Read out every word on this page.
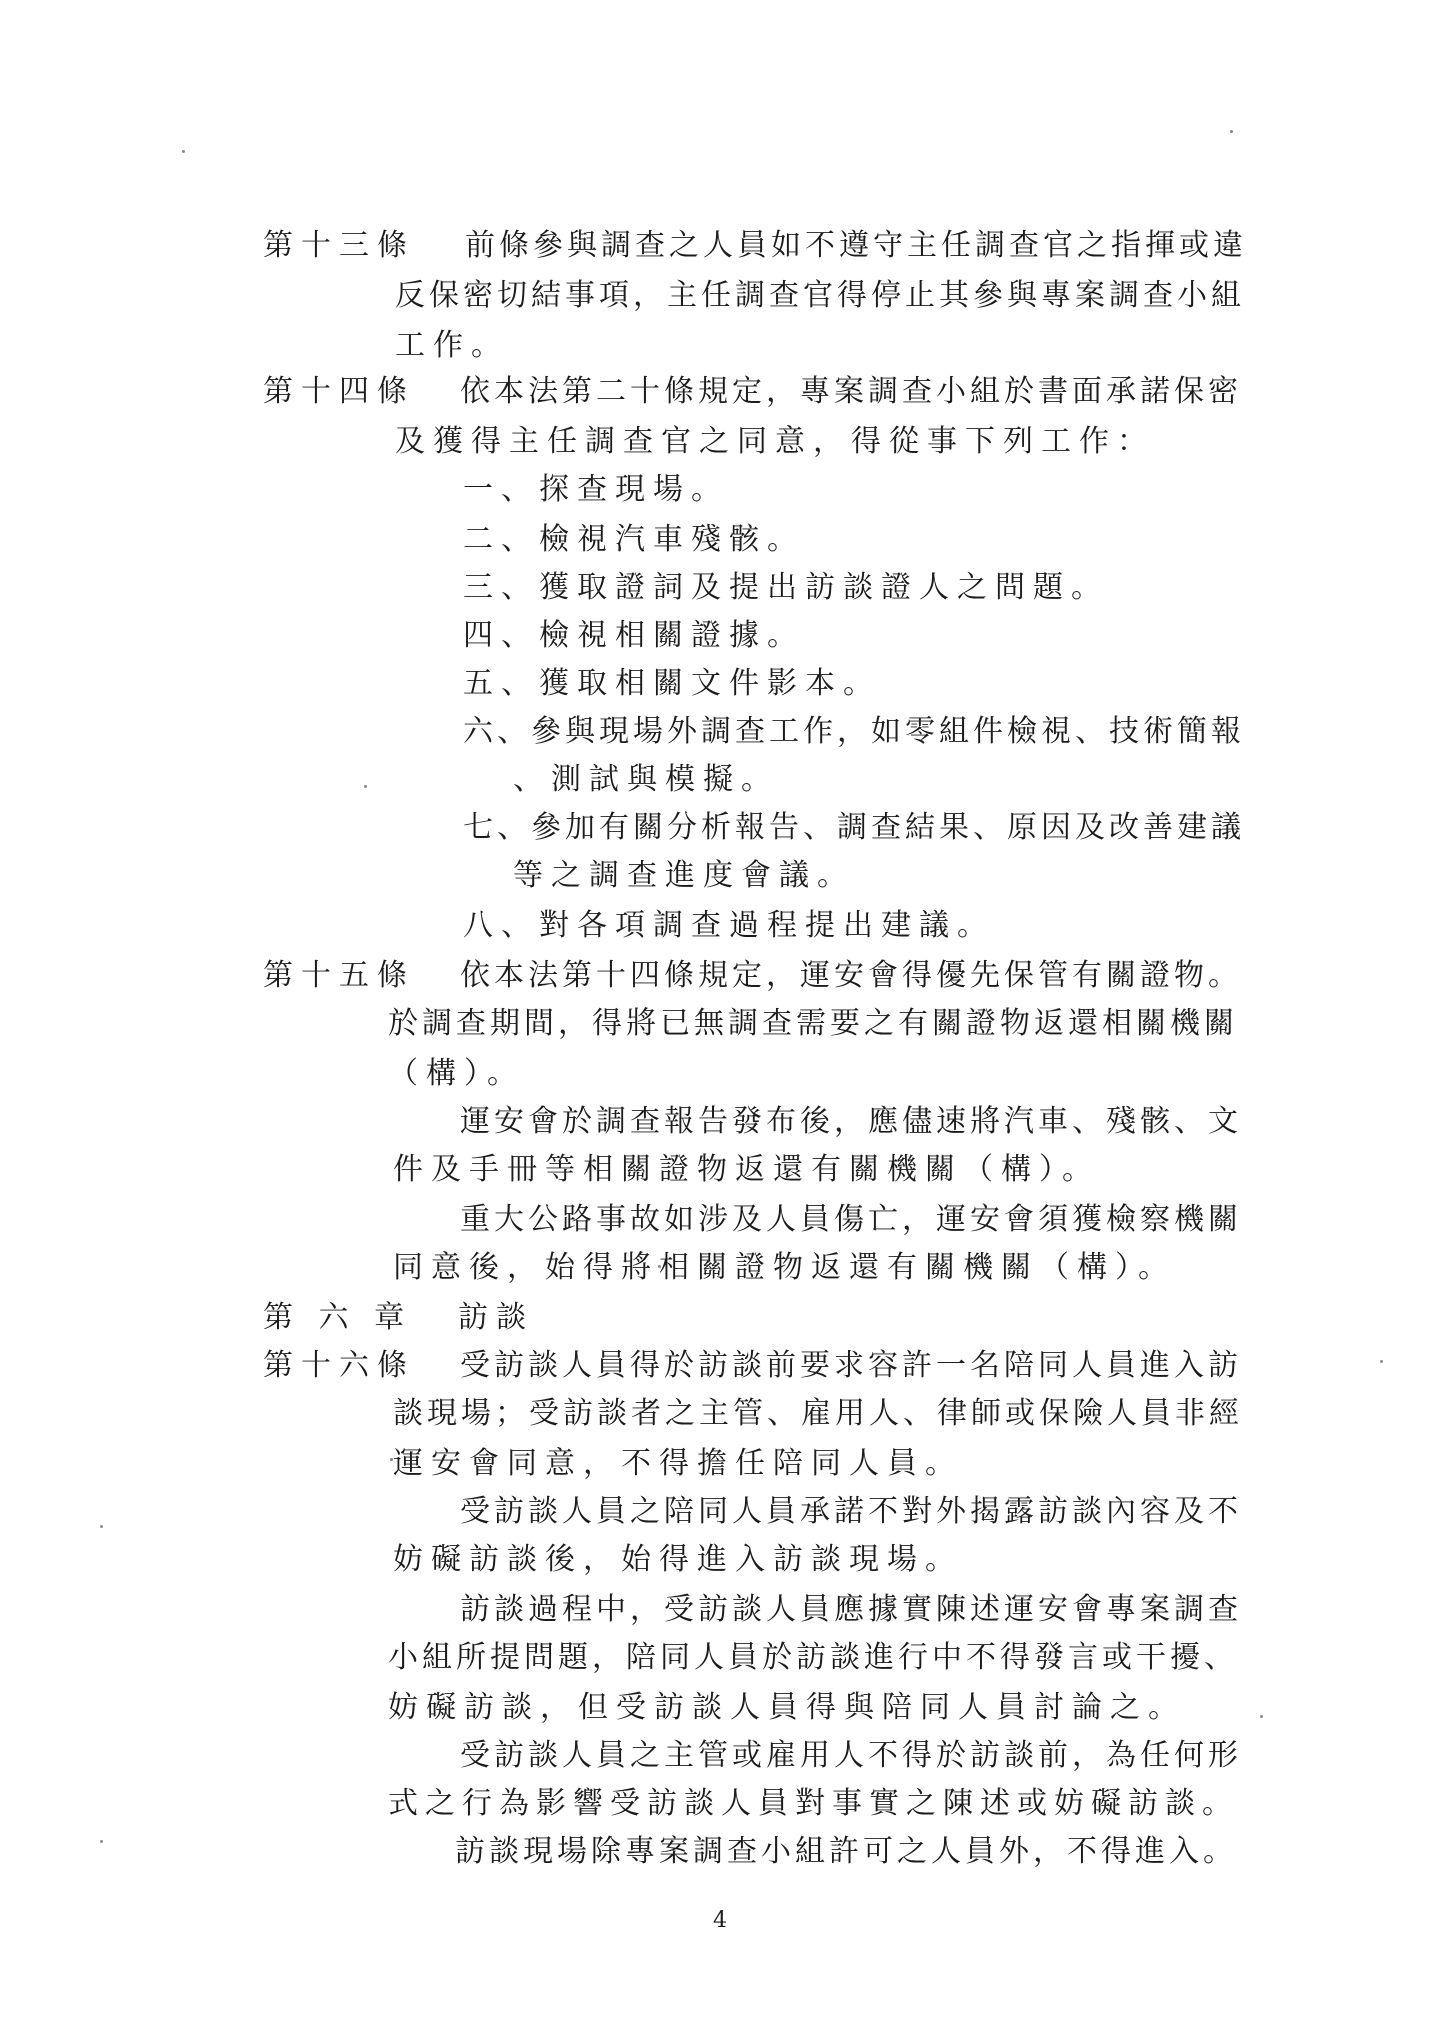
第十三條 前條參與調查之人員如不遵守主任調查官之指揮或違
反保密切結事項，主任調查官得停止其參與專案調查小組
工作。
第十四條 依本法第二十條規定，專案調查小組於書面承諾保密
及獲得主任調查官之同意，得從事下列工作：
一、探查現場。
二、檢視汽車殘骸。
三、獲取證詞及提出訪談證人之問題。
四、檢視相關證據。
五、獲取相關文件影本。
六、參與現場外調查工作，如零組件檢視、技術簡報
、測試與模擬。
七、參加有關分析報告、調查結果、原因及改善建議
等之調查進度會議。
八、對各項調查過程提出建議。
第十五條 依本法第十四條規定，運安會得優先保管有關證物。
於調查期間，得將已無調查需要之有關證物返還相關機關
（構）。
運安會於調查報告發布後，應儘速將汽車、殘骸、文
件及手冊等相關證物返還有關機關（構）。
重大公路事故如涉及人員傷亡，運安會須獲檢察機關
同意後，始得將相關證物返還有關機關（構）。
第 六 章 訪談
第十六條 受訪談人員得於訪談前要求容許一名陪同人員進入訪
談現場；受訪談者之主管、雇用人、律師或保險人員非經
運安會同意，不得擔任陪同人員。
受訪談人員之陪同人員承諾不對外揭露訪談內容及不
妨礙訪談後，始得進入訪談現場。
訪談過程中，受訪談人員應據實陳述運安會專案調查
小組所提問題，陪同人員於訪談進行中不得發言或干擾、
妨礙訪談，但受訪談人員得與陪同人員討論之。
受訪談人員之主管或雇用人不得於訪談前，為任何形
式之行為影響受訪談人員對事實之陳述或妨礙訪談。
訪談現場除專案調查小組許可之人員外，不得進入。
4
